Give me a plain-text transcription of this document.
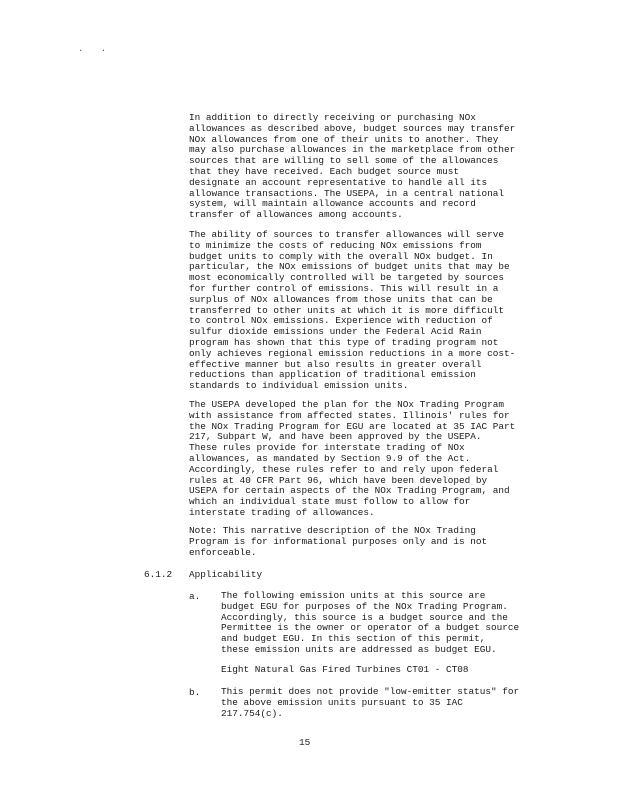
. .

In addition to directly receiving or purchasing NOx
allowances as described above, budget sources may transfer
NOx allowances from one of their units to another. They
may also purchase allowances in the marketplace from other
sources that are willing to sell some of the allowances
that they have received. Each budget source must
designate an account representative to handle all its
allowance transactions. The USEPA, in a central national
system, will maintain allowance accounts and record
transfer of allowances among accounts.

The ability of sources to transfer allowances will serve
to minimize the costs of reducing NOx emissions from
budget units to comply with the overall NOx budget. In
particular, the NOx emissions of budget units that may be
most economically controlled will be targeted by sources
for further control of emissions. This will result in a
surplus of NOx allowances from those units that can be
transferred to other units at which it is more difficult
to control NOx emissions. Experience with reduction of
sulfur dioxide emissions under the Federal Acid Rain
program has shown that this type of trading program not
only achieves regional emission reductions in a more cost-
effective manner but also results in greater overall
reductions than application of traditional emission
standards to individual emission units.

The USEPA developed the plan for the NOx Trading Program
with assistance from affected states. Illinois' rules for
the NOx Trading Program for EGU are located at 35 IAC Part
217, Subpart W, and have been approved by the USEPA.
These rules provide for interstate trading of NOx
allowances, as mandated by Section 9.9 of the Act.
Accordingly, these rules refer to and rely upon federal
rules at 40 CFR Part 96, which have been developed by
USEPA for certain aspects of the NOx Trading Program, and
which an individual state must follow to allow for
interstate trading of allowances.

Note: This narrative description of the NOx Trading
Program is for informational purposes only and is not
enforceable.

6.1.2 Applicability
a. The following emission units at this source are
budget EGU for purposes of the NOx Trading Program.
Accordingly, this source is a budget source and the
Permittee is the owner or operator of a budget source
and budget EGU. In this section of this permit,
these emission units are addressed as budget EGU.

Eight Natural Gas Fired Turbines CT01 - CT08
b. This permit does not provide "low-emitter status" for
the above emission units pursuant to 35 IAC
217.754(c).

15
